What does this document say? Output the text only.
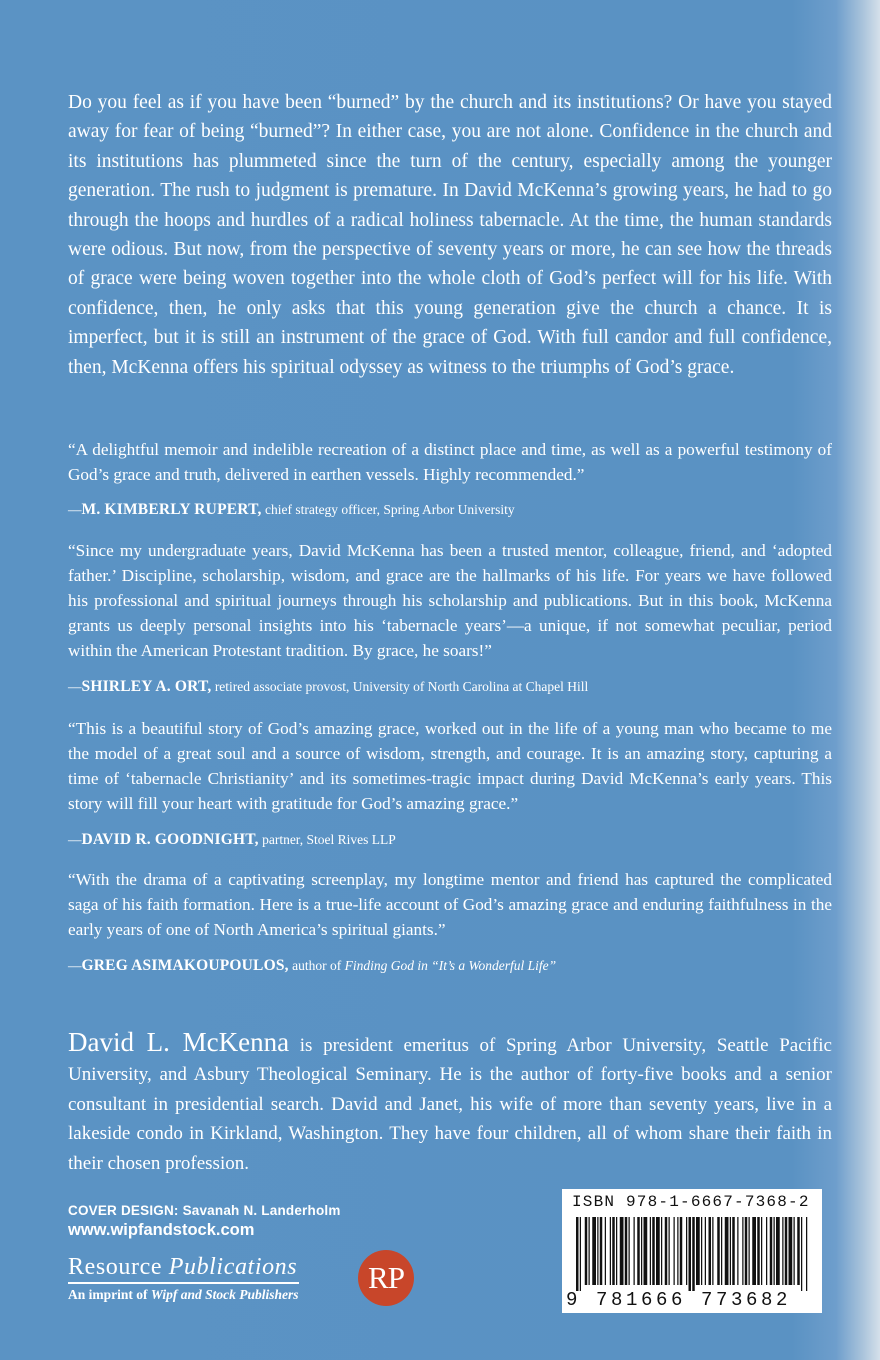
Do you feel as if you have been “burned” by the church and its institutions? Or have you stayed away for fear of being “burned”? In either case, you are not alone. Confidence in the church and its institutions has plummeted since the turn of the century, especially among the younger generation. The rush to judgment is premature. In David McKenna’s growing years, he had to go through the hoops and hurdles of a radical holiness tabernacle. At the time, the human standards were odious. But now, from the perspective of seventy years or more, he can see how the threads of grace were being woven together into the whole cloth of God’s perfect will for his life. With confidence, then, he only asks that this young generation give the church a chance. It is imperfect, but it is still an instrument of the grace of God. With full candor and full confidence, then, McKenna offers his spiritual odyssey as witness to the triumphs of God’s grace.
“A delightful memoir and indelible recreation of a distinct place and time, as well as a powerful testimony of God’s grace and truth, delivered in earthen vessels. Highly recommended.”
—M. KIMBERLY RUPERT, chief strategy officer, Spring Arbor University
“Since my undergraduate years, David McKenna has been a trusted mentor, colleague, friend, and ‘adopted father.’ Discipline, scholarship, wisdom, and grace are the hallmarks of his life. For years we have followed his professional and spiritual journeys through his scholarship and publications. But in this book, McKenna grants us deeply personal insights into his ‘tabernacle years’—a unique, if not somewhat peculiar, period within the American Protestant tradition. By grace, he soars!”
—SHIRLEY A. ORT, retired associate provost, University of North Carolina at Chapel Hill
“This is a beautiful story of God’s amazing grace, worked out in the life of a young man who became to me the model of a great soul and a source of wisdom, strength, and courage. It is an amazing story, capturing a time of ‘tabernacle Christianity’ and its sometimes-tragic impact during David McKenna’s early years. This story will fill your heart with gratitude for God’s amazing grace.”
—DAVID R. GOODNIGHT, partner, Stoel Rives LLP
“With the drama of a captivating screenplay, my longtime mentor and friend has captured the complicated saga of his faith formation. Here is a true-life account of God’s amazing grace and enduring faithfulness in the early years of one of North America’s spiritual giants.”
—GREG ASIMAKOUPOULOS, author of Finding God in “It’s a Wonderful Life”
David L. McKenna is president emeritus of Spring Arbor University, Seattle Pacific University, and Asbury Theological Seminary. He is the author of forty-five books and a senior consultant in presidential search. David and Janet, his wife of more than seventy years, live in a lakeside condo in Kirkland, Washington. They have four children, all of whom share their faith in their chosen profession.
COVER DESIGN: Savanah N. Landerholm
www.wipfandstock.com
Resource Publications
An imprint of Wipf and Stock Publishers	RP
ISBN 978-1-6667-7368-2
9 781666 773682
